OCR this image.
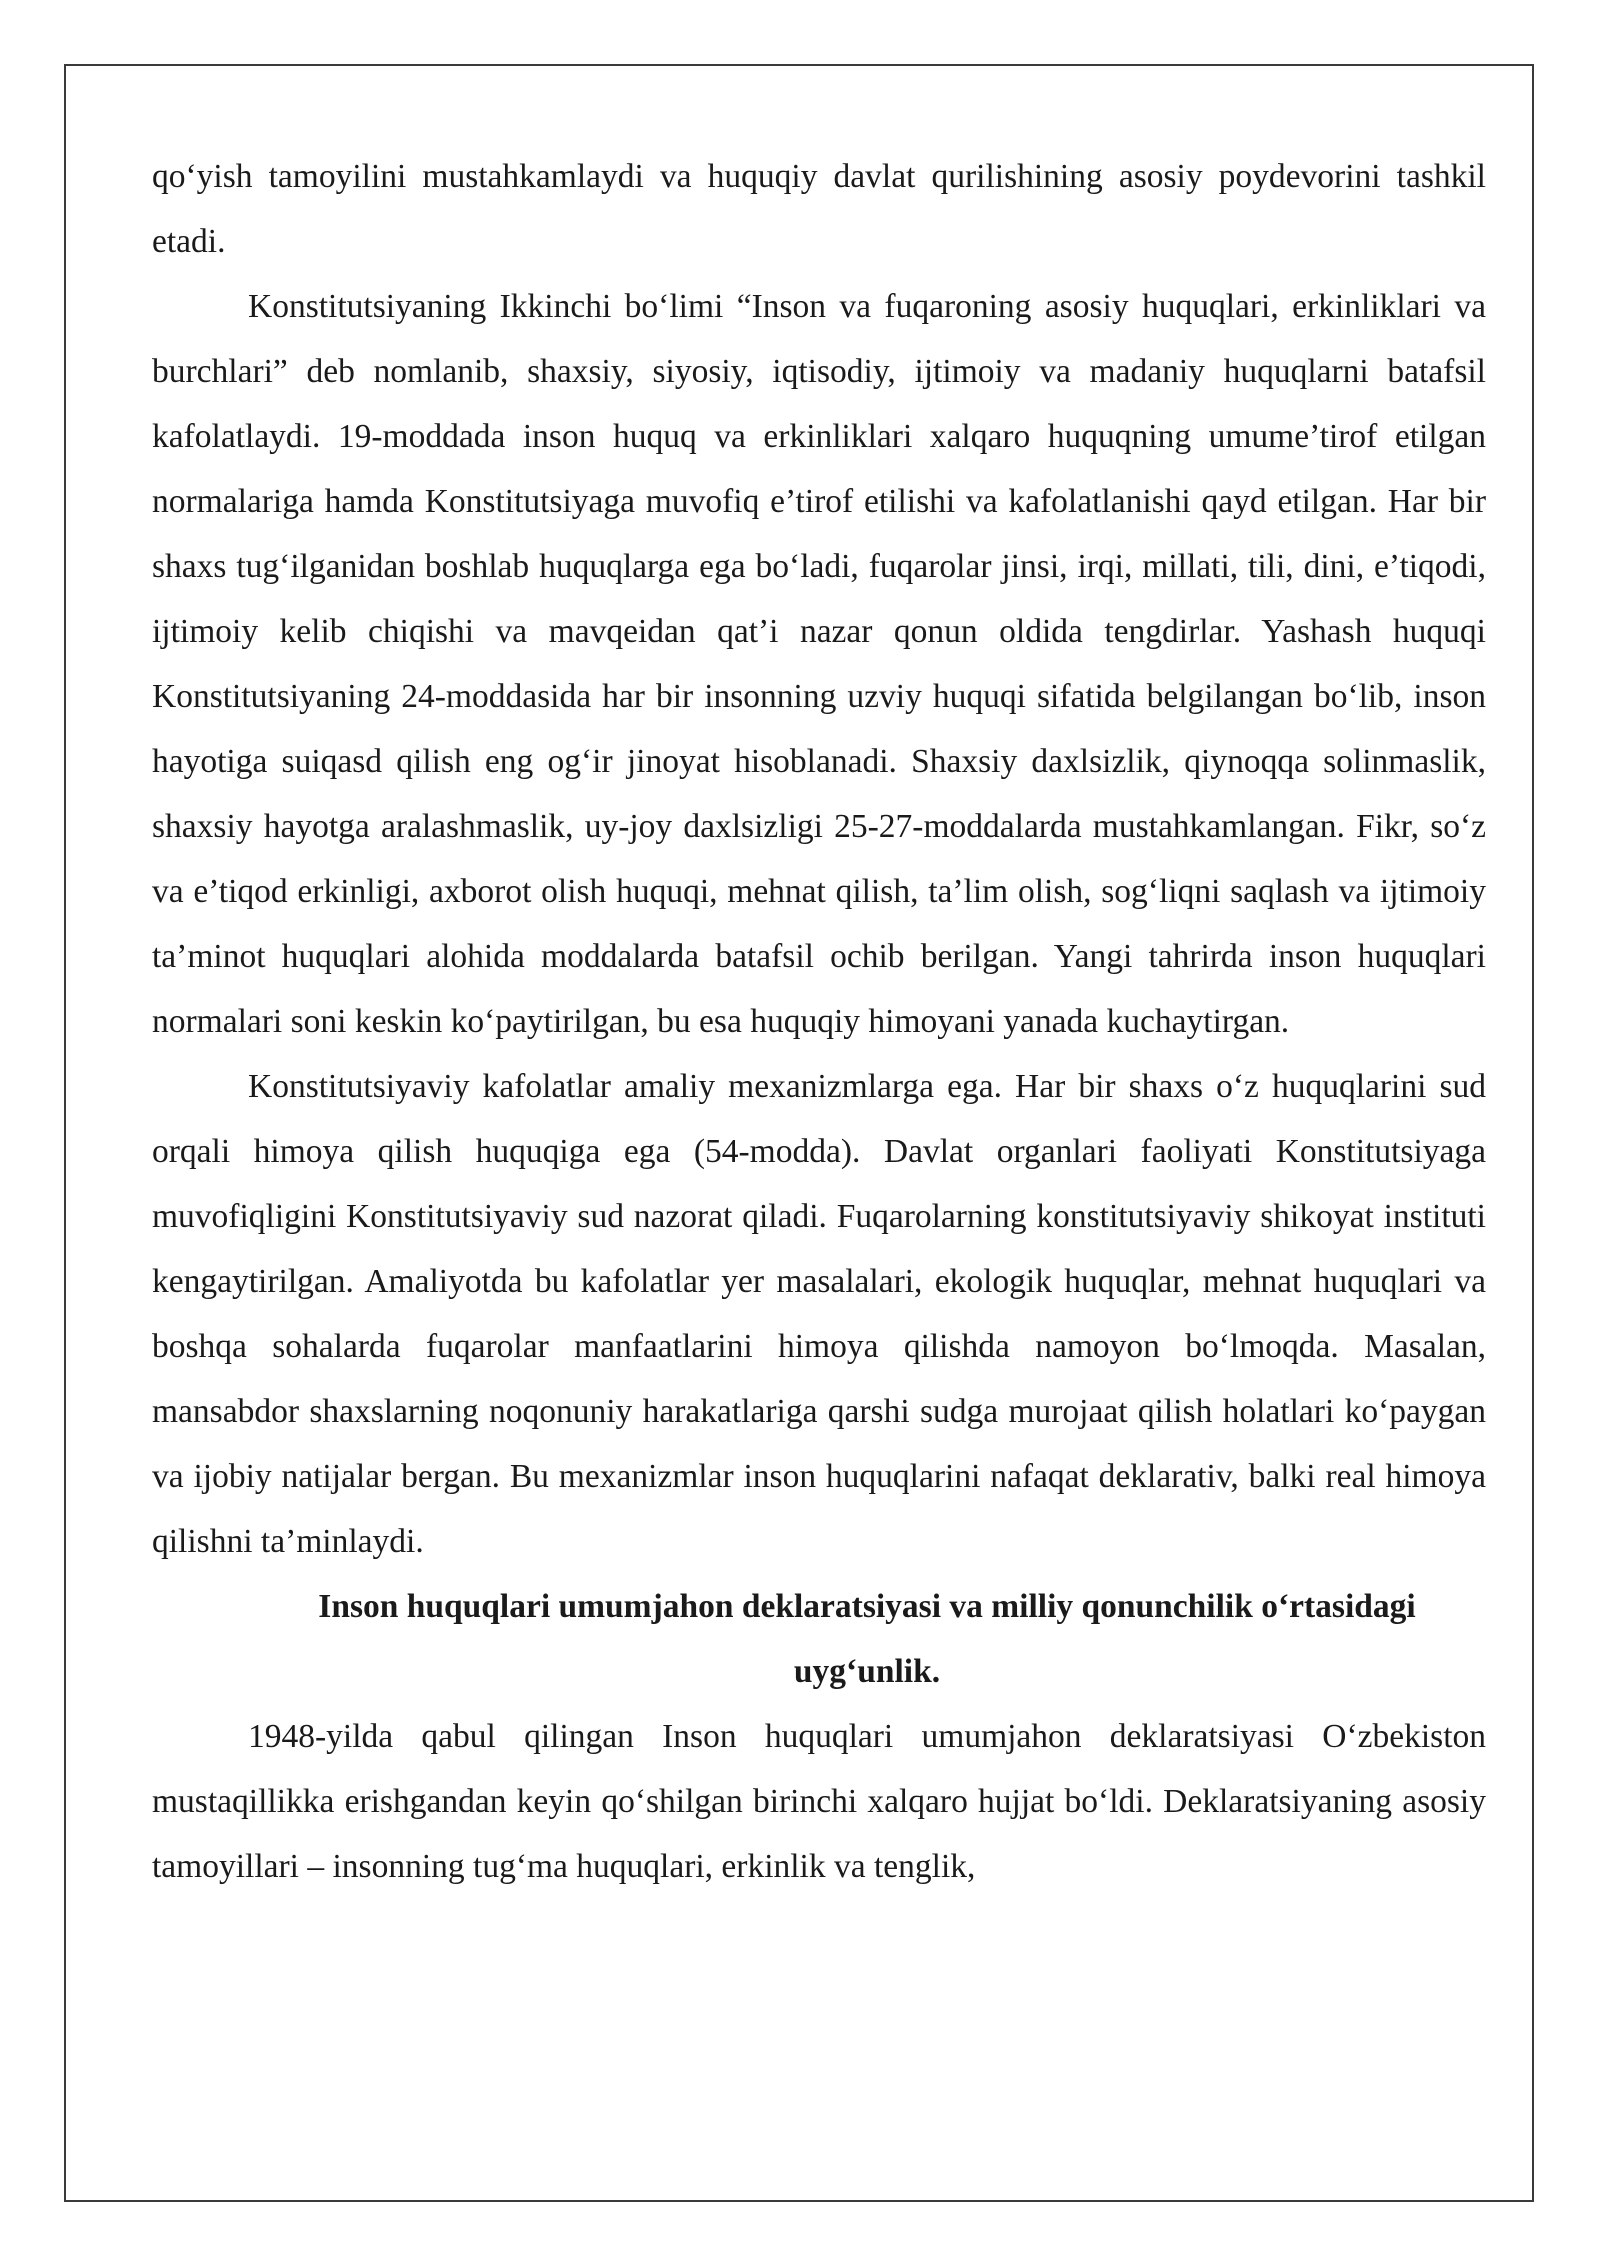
qo‘yish tamoyilini mustahkamlaydi va huquqiy davlat qurilishining asosiy poydevorini tashkil etadi.

Konstitutsiyaning Ikkinchi bo‘limi “Inson va fuqaroning asosiy huquqlari, erkinliklari va burchlari” deb nomlanib, shaxsiy, siyosiy, iqtisodiy, ijtimoiy va madaniy huquqlarni batafsil kafolatlaydi. 19-moddada inson huquq va erkinliklari xalqaro huquqning umume’tirof etilgan normalariga hamda Konstitutsiyaga muvofiq e’tirof etilishi va kafolatlanishi qayd etilgan. Har bir shaxs tug‘ilganidan boshlab huquqlarga ega bo‘ladi, fuqarolar jinsi, irqi, millati, tili, dini, e’tiqodi, ijtimoiy kelib chiqishi va mavqeidan qat’i nazar qonun oldida tengdirlar. Yashash huquqi Konstitutsiyaning 24-moddasida har bir insonning uzviy huquqi sifatida belgilangan bo‘lib, inson hayotiga suiqasd qilish eng og‘ir jinoyat hisoblanadi. Shaxsiy daxlsizlik, qiynoqqa solinmaslik, shaxsiy hayotga aralashmaslik, uy-joy daxlsizligi 25-27-moddalarda mustahkamlangan. Fikr, so‘z va e’tiqod erkinligi, axborot olish huquqi, mehnat qilish, ta’lim olish, sog‘liqni saqlash va ijtimoiy ta’minot huquqlari alohida moddalarda batafsil ochib berilgan. Yangi tahrirda inson huquqlari normalari soni keskin ko‘paytirilgan, bu esa huquqiy himoyani yanada kuchaytirgan.

Konstitutsiyaviy kafolatlar amaliy mexanizmlarga ega. Har bir shaxs o‘z huquqlarini sud orqali himoya qilish huquqiga ega (54-modda). Davlat organlari faoliyati Konstitutsiyaga muvofiqligini Konstitutsiyaviy sud nazorat qiladi. Fuqarolarning konstitutsiyaviy shikoyat instituti kengaytirilgan. Amaliyotda bu kafolatlar yer masalalari, ekologik huquqlar, mehnat huquqlari va boshqa sohalarda fuqarolar manfaatlarini himoya qilishda namoyon bo‘lmoqda. Masalan, mansabdor shaxslarning noqonuniy harakatlariga qarshi sudga murojaat qilish holatlari ko‘paygan va ijobiy natijalar bergan. Bu mexanizmlar inson huquqlarini nafaqat deklarativ, balki real himoya qilishni ta’minlaydi.

Inson huquqlari umumjahon deklaratsiyasi va milliy qonunchilik o‘rtasidagi uyg‘unlik.

1948-yilda qabul qilingan Inson huquqlari umumjahon deklaratsiyasi O‘zbekiston mustaqillikka erishgandan keyin qo‘shilgan birinchi xalqaro hujjat bo‘ldi. Deklaratsiyaning asosiy tamoyillari – insonning tug‘ma huquqlari, erkinlik va tenglik,
